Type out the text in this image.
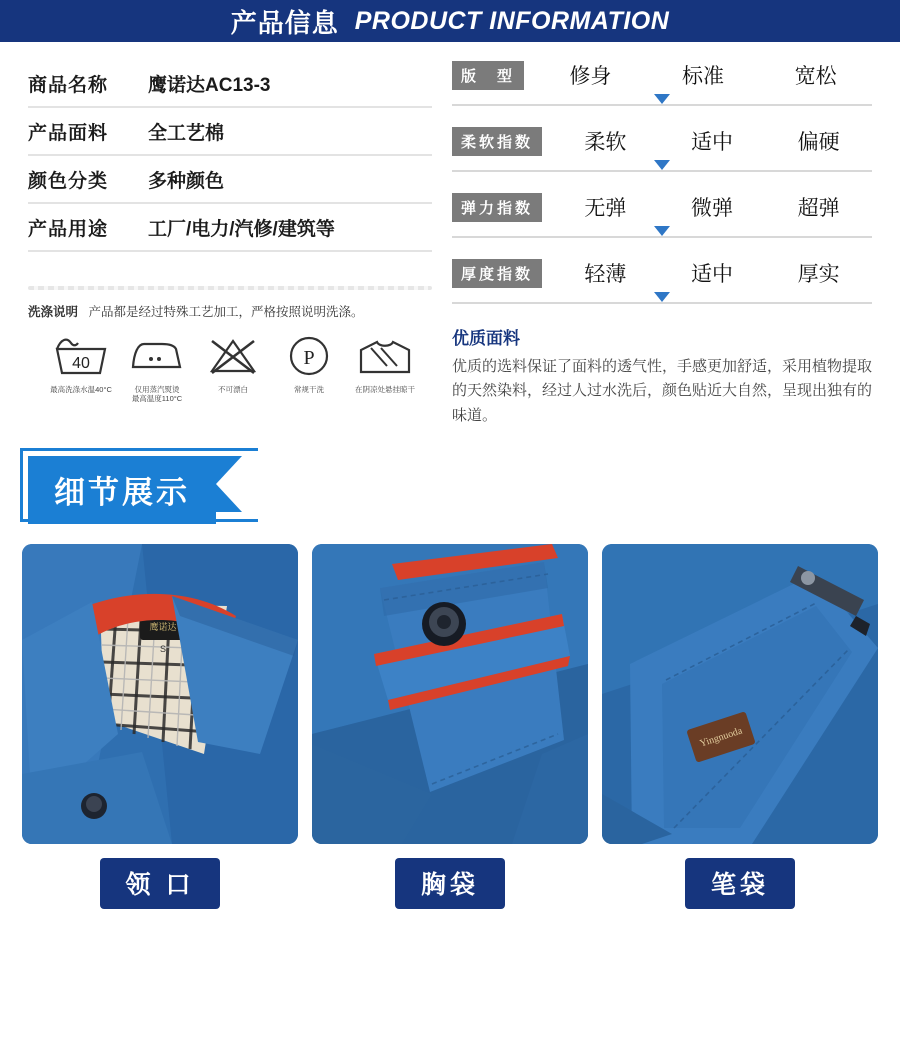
产品信息 PRODUCT INFORMATION
商品名称	鹰诺达AC13-3
产品面料	全工艺棉
颜色分类	多种颜色
产品用途	工厂/电力/汽修/建筑等
洗涤说明 产品都是经过特殊工艺加工，严格按照说明洗涤。
40
最高洗涤水温40°C	仅用蒸汽熨烫
最高温度110°C
不可漂白
P
常规干洗	在阴凉处悬挂晾干
版　型	修身	标准	宽松
柔软指数	柔软	适中	偏硬
弹力指数	无弹	微弹	超弹
厚度指数	轻薄	适中	厚实
优质面料

优质的选料保证了面料的透气性，手感更加舒适，采用植物提取的天然染料，经过人过水洗后，颜色贴近大自然，呈现出独有的味道。

细节展示
鹰诺达
S
领 口	胸袋
Yingnuoda
笔袋
